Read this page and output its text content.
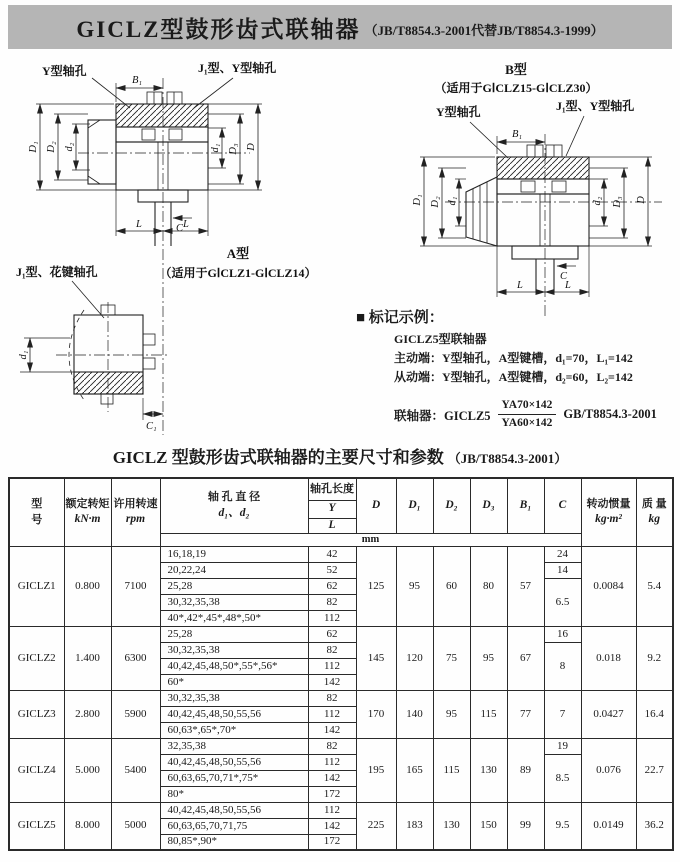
GICLZ型鼓形齿式联轴器 （JB/T8854.3-2001代替JB/T8854.3-1999）
B₁
D₁ D₂ d₂	d₁ D₃ D
C
L	L
Y型轴孔	J₁型、Y型轴孔
A型
（适用于GⅠCLZ1-GⅠCLZ14）
J₁型、花键轴孔
d₁
C₁
B型
（适用于GⅠCLZ15-GⅠCLZ30）
Y型轴孔	J₁型、Y型轴孔
B₁
C
L	L
D₁ D₂ d₁	d₂ D₃ D
■ 标记示例：
GICLZ5型联轴器
主动端：Y型轴孔，A型键槽，d₁=70，L₁=142
从动端：Y型轴孔，A型键槽，d₂=60，L₂=142
联轴器：GICLZ5 $\frac{YA70\times 142}{YA60\times 142} GB/T8854.3-2001$
GICLZ 型鼓形齿式联轴器的主要尺寸和参数 （JB/T8854.3-2001）
型
号

额定转矩
kN·m

许用转速
rpm

轴 孔 直 径
d₁、d₂
	轴孔长度	D	D₁	D₂	D₃	B₁	C	转动惯量
kg·m²

质 量
kg

				Y								
				L								
			mm									
GICLZ1	0.800	7100	16,18,19	42	125	95	60	80	57	24	0.0084	5.4
			20,22,24	52						14		
			25,28	62						6.5		
			30,32,35,38	82								
			40*,42*,45*,48*,50*	112								
GICLZ2	1.400	6300	25,28	62	145	120	75	95	67	16	0.018	9.2
			30,32,35,38	82						8		
			40,42,45,48,50*,55*,56*	112								
			60*	142								
GICLZ3	2.800	5900	30,32,35,38	82	170	140	95	115	77	7	0.0427	16.4
			40,42,45,48,50,55,56	112								
			60,63*,65*,70*	142								
GICLZ4	5.000	5400	32,35,38	82	195	165	115	130	89	19	0.076	22.7
			40,42,45,48,50,55,56	112						8.5		
			60,63,65,70,71*,75*	142								
			80*	172								
GICLZ5	8.000	5000	40,42,45,48,50,55,56	112	225	183	130	150	99	9.5	0.0149	36.2
			60,63,65,70,71,75	142								
			80,85*,90*	172								
